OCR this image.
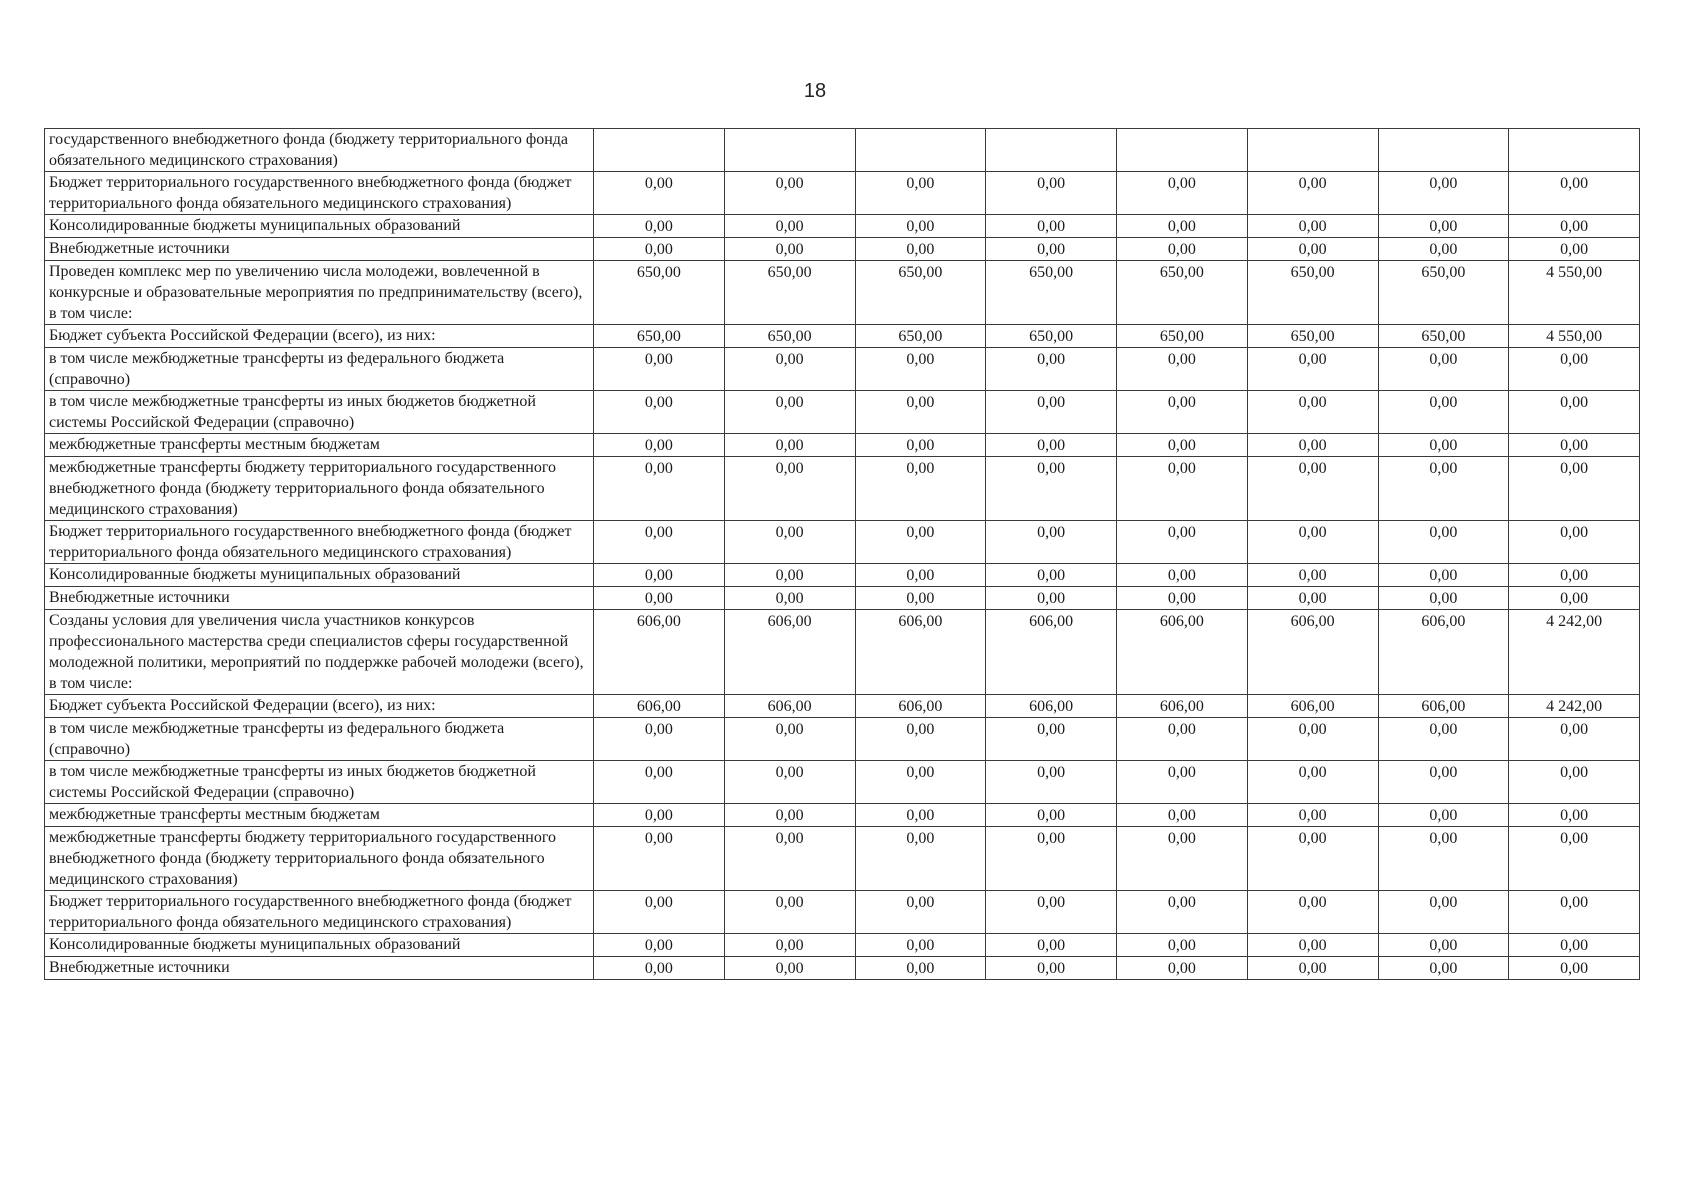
18
государственного внебюджетного фонда (бюджету территориального фонда обязательного медицинского страхования)								
Бюджет территориального государственного внебюджетного фонда (бюджет территориального фонда обязательного медицинского страхования)	0,00	0,00	0,00	0,00	0,00	0,00	0,00	0,00
Консолидированные бюджеты муниципальных образований	0,00	0,00	0,00	0,00	0,00	0,00	0,00	0,00
Внебюджетные источники	0,00	0,00	0,00	0,00	0,00	0,00	0,00	0,00
Проведен комплекс мер по увеличению числа молодежи, вовлеченной в конкурсные и образовательные мероприятия по предпринимательству (всего), в том числе:	650,00	650,00	650,00	650,00	650,00	650,00	650,00	4 550,00
Бюджет субъекта Российской Федерации (всего), из них:	650,00	650,00	650,00	650,00	650,00	650,00	650,00	4 550,00
в том числе межбюджетные трансферты из федерального бюджета (справочно)	0,00	0,00	0,00	0,00	0,00	0,00	0,00	0,00
в том числе межбюджетные трансферты из иных бюджетов бюджетной системы Российской Федерации (справочно)	0,00	0,00	0,00	0,00	0,00	0,00	0,00	0,00
межбюджетные трансферты местным бюджетам	0,00	0,00	0,00	0,00	0,00	0,00	0,00	0,00
межбюджетные трансферты бюджету территориального государственного внебюджетного фонда (бюджету территориального фонда обязательного медицинского страхования)	0,00	0,00	0,00	0,00	0,00	0,00	0,00	0,00
Бюджет территориального государственного внебюджетного фонда (бюджет территориального фонда обязательного медицинского страхования)	0,00	0,00	0,00	0,00	0,00	0,00	0,00	0,00
Консолидированные бюджеты муниципальных образований	0,00	0,00	0,00	0,00	0,00	0,00	0,00	0,00
Внебюджетные источники	0,00	0,00	0,00	0,00	0,00	0,00	0,00	0,00
Созданы условия для увеличения числа участников конкурсов профессионального мастерства среди специалистов сферы государственной молодежной политики, мероприятий по поддержке рабочей молодежи (всего), в том числе:	606,00	606,00	606,00	606,00	606,00	606,00	606,00	4 242,00
Бюджет субъекта Российской Федерации (всего), из них:	606,00	606,00	606,00	606,00	606,00	606,00	606,00	4 242,00
в том числе межбюджетные трансферты из федерального бюджета (справочно)	0,00	0,00	0,00	0,00	0,00	0,00	0,00	0,00
в том числе межбюджетные трансферты из иных бюджетов бюджетной системы Российской Федерации (справочно)	0,00	0,00	0,00	0,00	0,00	0,00	0,00	0,00
межбюджетные трансферты местным бюджетам	0,00	0,00	0,00	0,00	0,00	0,00	0,00	0,00
межбюджетные трансферты бюджету территориального государственного внебюджетного фонда (бюджету территориального фонда обязательного медицинского страхования)	0,00	0,00	0,00	0,00	0,00	0,00	0,00	0,00
Бюджет территориального государственного внебюджетного фонда (бюджет территориального фонда обязательного медицинского страхования)	0,00	0,00	0,00	0,00	0,00	0,00	0,00	0,00
Консолидированные бюджеты муниципальных образований	0,00	0,00	0,00	0,00	0,00	0,00	0,00	0,00
Внебюджетные источники	0,00	0,00	0,00	0,00	0,00	0,00	0,00	0,00
